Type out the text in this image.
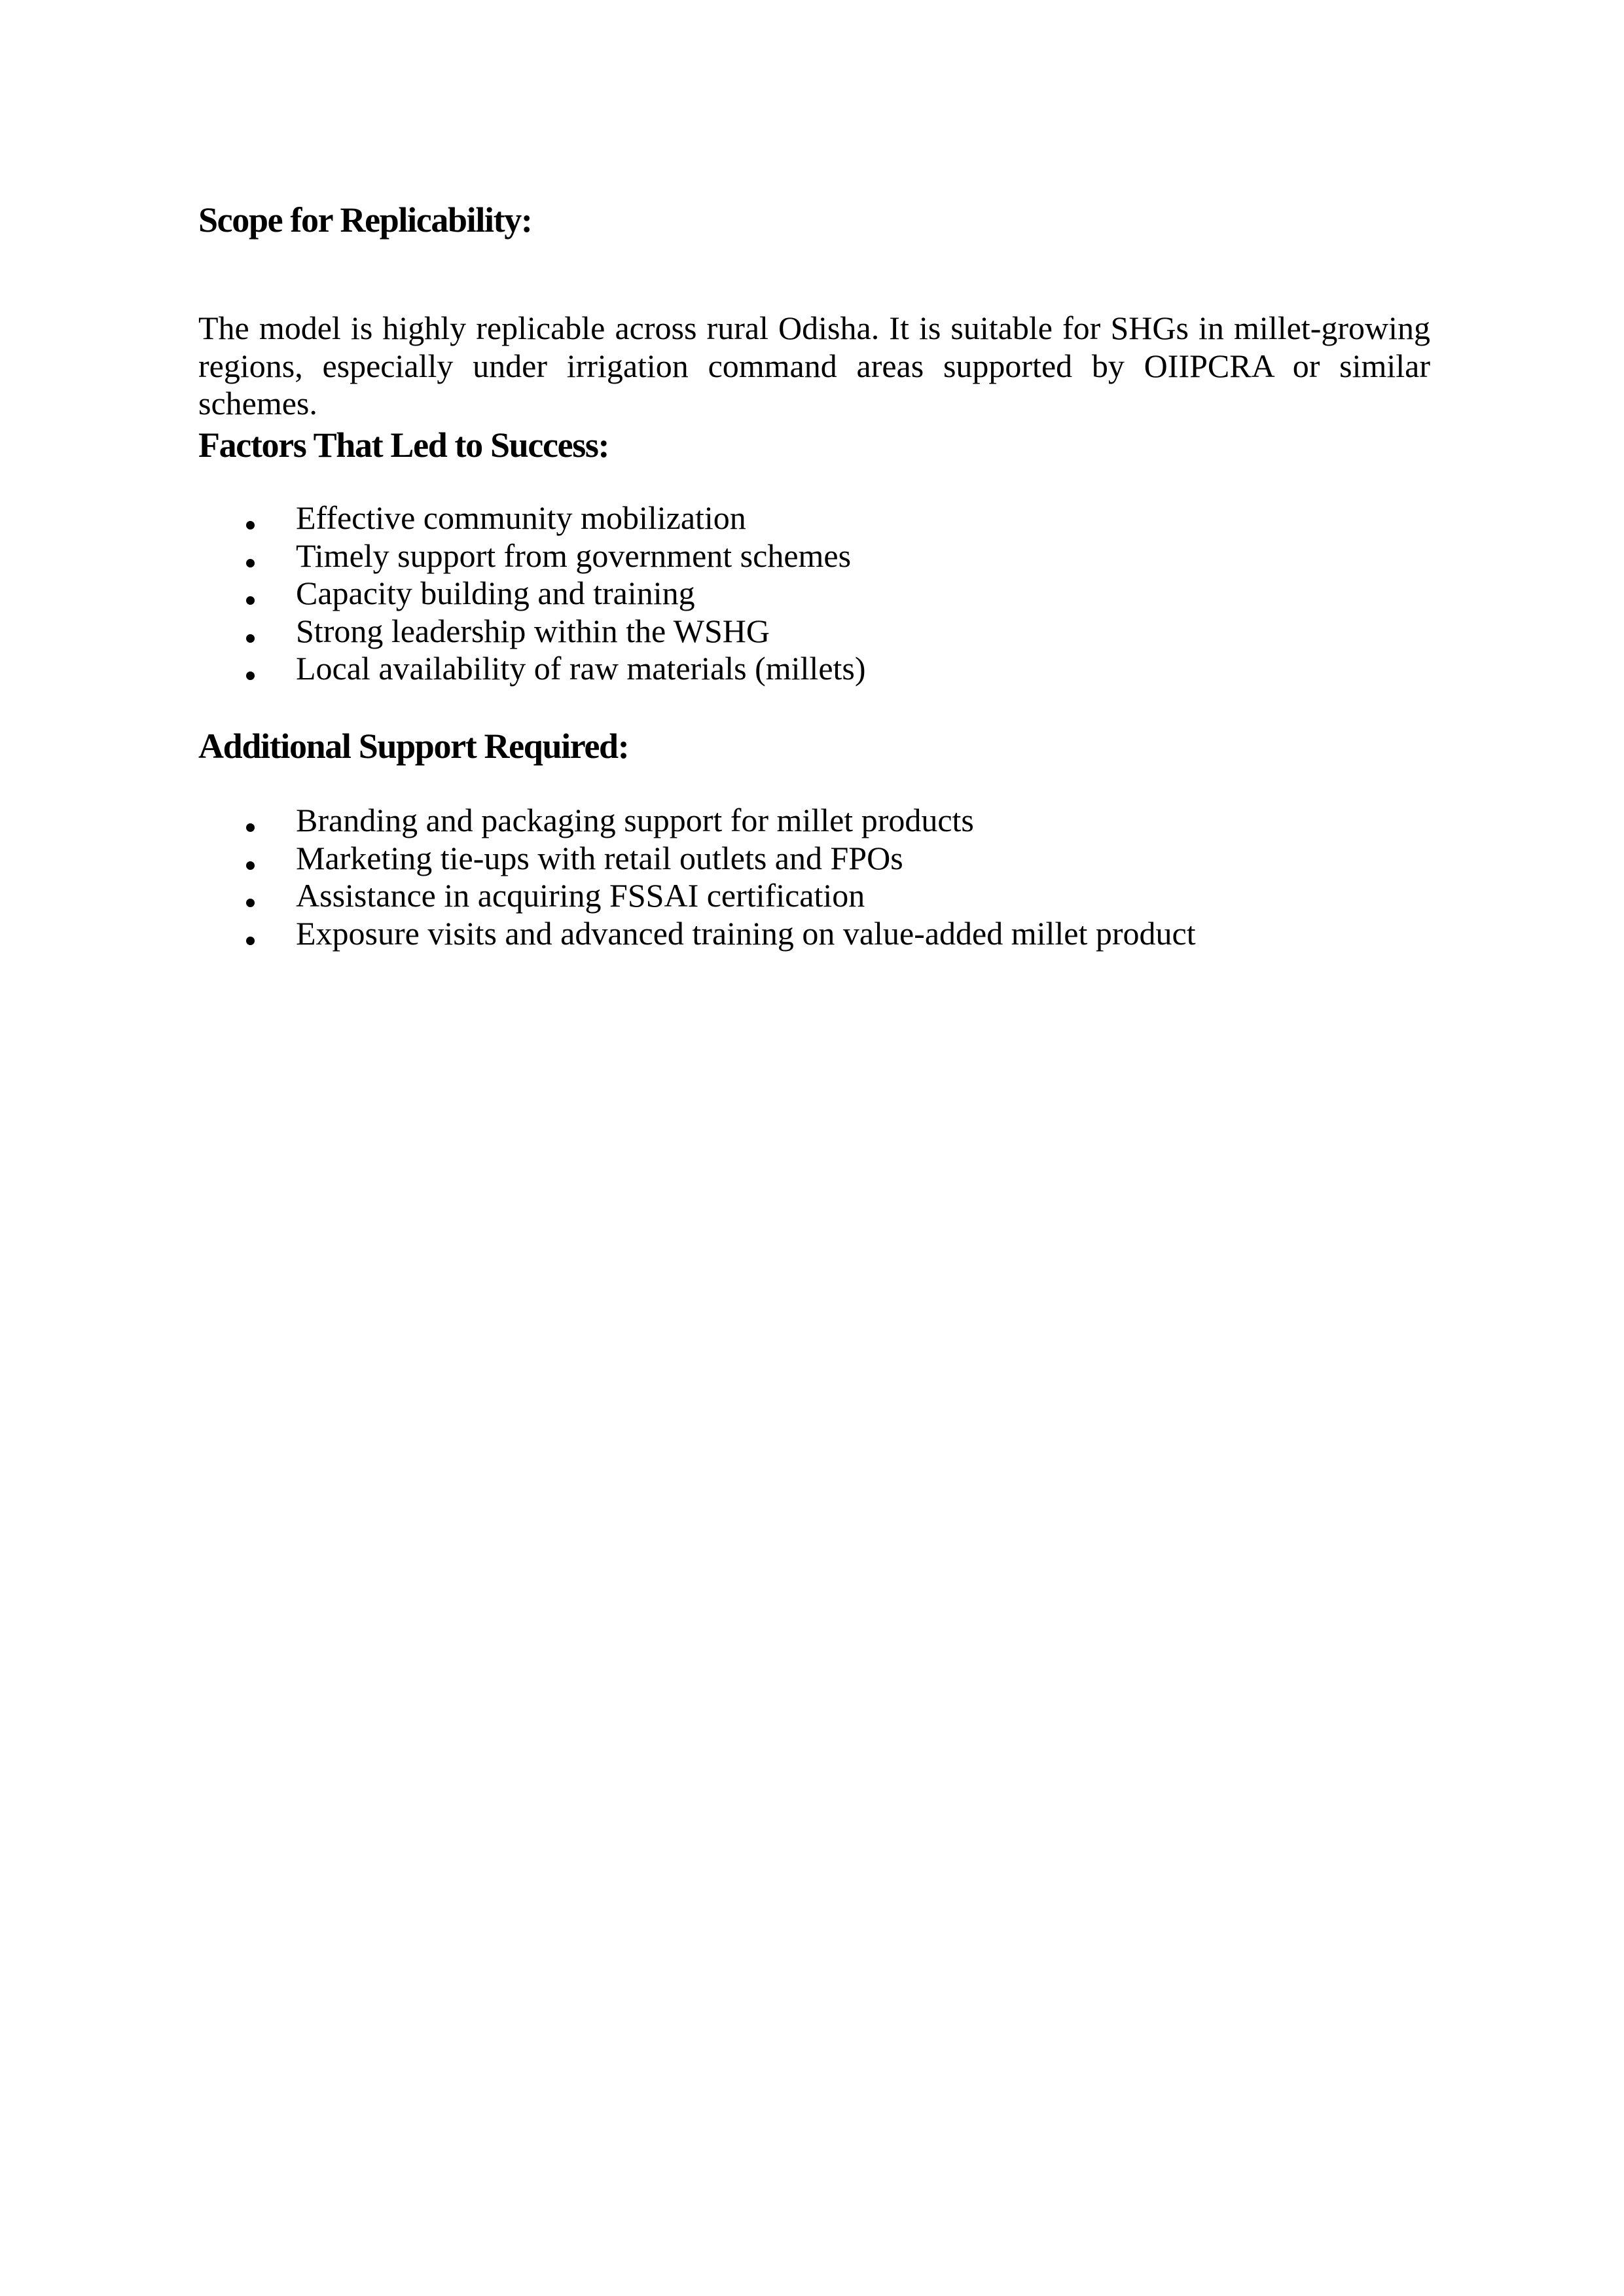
Scope for Replicability:
The model is highly replicable across rural Odisha. It is suitable for SHGs in millet-growing regions, especially under irrigation command areas supported by OIIPCRA or similar schemes.
Factors That Led to Success:
Effective community mobilization
Timely support from government schemes
Capacity building and training
Strong leadership within the WSHG
Local availability of raw materials (millets)
Additional Support Required:
Branding and packaging support for millet products
Marketing tie-ups with retail outlets and FPOs
Assistance in acquiring FSSAI certification
Exposure visits and advanced training on value-added millet product
